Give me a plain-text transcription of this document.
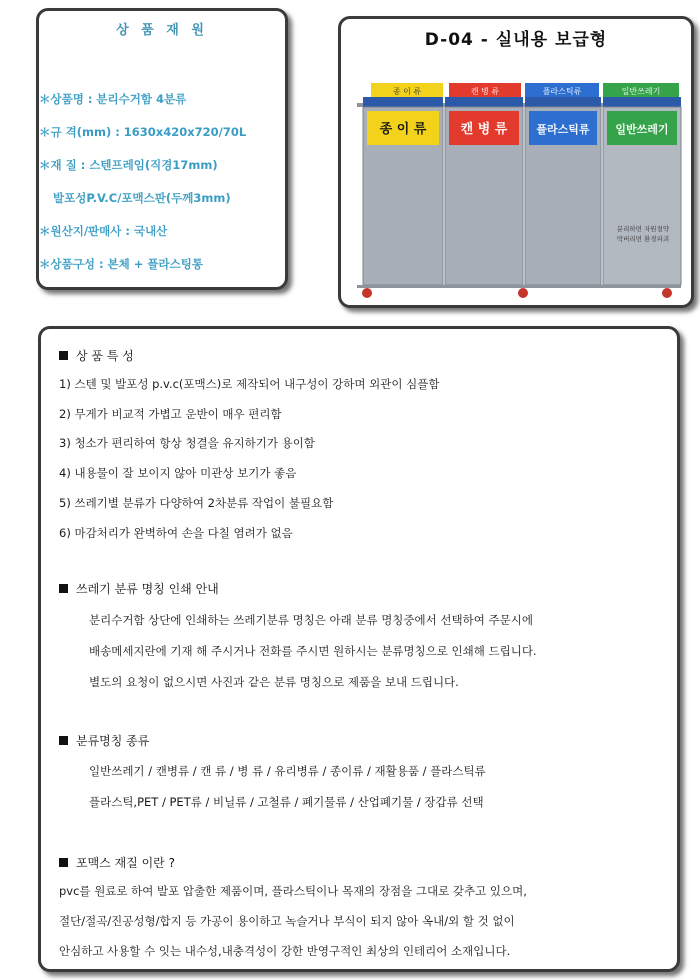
상 품 재 원
＊상품명 : 분리수거함 4분류
＊규 격(mm) : 1630x420x720/70L
＊재 질 : 스텐프레임(직경17mm)
발포성P.V.C/포맥스판(두께3mm)
＊원산지/판매사 : 국내산
＊상품구성 : 본체 + 플라스팅통
D-04 - 실내용 보급형
종 이 류	캔 병 류	플라스틱류	일반쓰레기
종 이 류	캔 병 류	플라스틱류 일반쓰레기
분리하면 자원절약
막버리면 환경파괴
상 품 특 성
1) 스텐 및 발포성 p.v.c(포맥스)로 제작되어 내구성이 강하며 외관이 심플함
2) 무게가 비교적 가볍고 운반이 매우 편리함
3) 청소가 편리하여 항상 청결을 유지하기가 용이함
4) 내용물이 잘 보이지 않아 미관상 보기가 좋음
5) 쓰레기별 분류가 다양하여 2차분류 작업이 불필요함
6) 마감처리가 완벽하여 손을 다칠 염려가 없음
쓰레기 분류 명칭 인쇄 안내
분리수거함 상단에 인쇄하는 쓰레기분류 명칭은 아래 분류 명칭중에서 선택하여 주문시에
배송메세지란에 기재 해 주시거나 전화를 주시면 원하시는 분류명칭으로 인쇄해 드립니다.
별도의 요청이 없으시면 사진과 같은 분류 명칭으로 제품을 보내 드립니다.
분류명칭 종류
일반쓰레기 / 캔병류 / 캔 류 / 병 류 / 유리병류 / 종이류 / 재활용품 / 플라스틱류
플라스틱,PET / PET류 / 비닐류 / 고철류 / 폐기물류 / 산업폐기물 / 장갑류 선택
포맥스 재질 이란 ?
pvc를 원료로 하여 발포 압출한 제품이며, 플라스틱이나 목재의 장점을 그대로 갖추고 있으며,
절단/절곡/진공성형/합지 등 가공이 용이하고 녹슬거나 부식이 되지 않아 옥내/외 할 것 없이
안심하고 사용할 수 잇는 내수성,내충격성이 강한 반영구적인 최상의 인테리어 소재입니다.
